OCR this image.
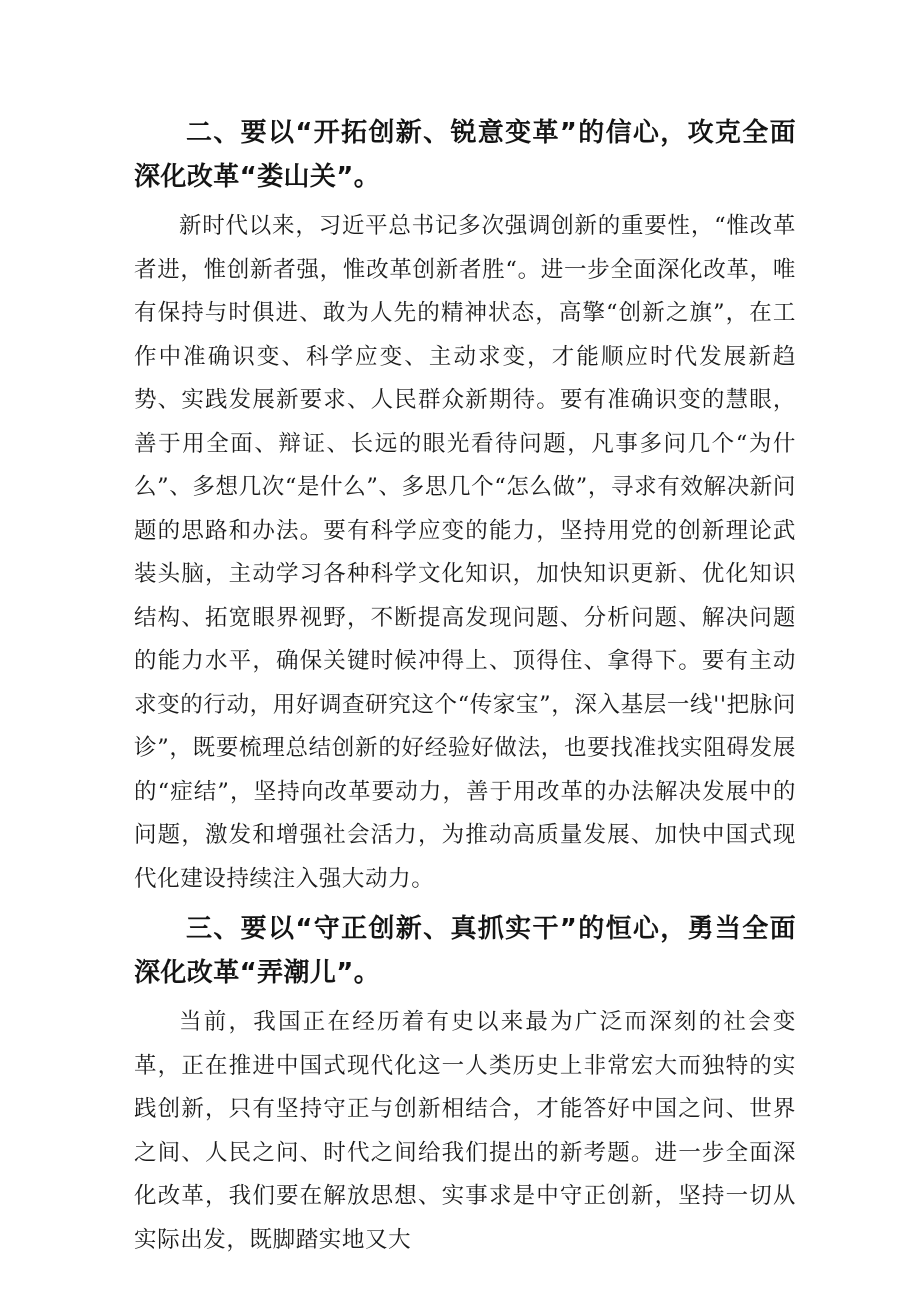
二、要以“开拓创新、锐意变革”的信心，攻克全面深化改革“娄山关”。

新时代以来，习近平总书记多次强调创新的重要性，“惟改革者进，惟创新者强，惟改革创新者胜“。进一步全面深化改革，唯有保持与时俱进、敢为人先的精神状态，高擎“创新之旗”，在工作中准确识变、科学应变、主动求变，才能顺应时代发展新趋势、实践发展新要求、人民群众新期待。要有准确识变的慧眼，善于用全面、辩证、长远的眼光看待问题，凡事多问几个“为什么”、多想几次“是什么”、多思几个“怎么做”，寻求有效解决新问题的思路和办法。要有科学应变的能力，坚持用党的创新理论武装头脑，主动学习各种科学文化知识，加快知识更新、优化知识结构、拓宽眼界视野，不断提高发现问题、分析问题、解决问题的能力水平，确保关键时候冲得上、顶得住、拿得下。要有主动求变的行动，用好调查研究这个“传家宝”，深入基层一线''把脉问诊”，既要梳理总结创新的好经验好做法，也要找准找实阻碍发展的“症结”，坚持向改革要动力，善于用改革的办法解决发展中的问题，激发和增强社会活力，为推动高质量发展、加快中国式现代化建设持续注入强大动力。

三、要以“守正创新、真抓实干”的恒心，勇当全面深化改革“弄潮儿”。

当前，我国正在经历着有史以来最为广泛而深刻的社会变革，正在推进中国式现代化这一人类历史上非常宏大而独特的实践创新，只有坚持守正与创新相结合，才能答好中国之问、世界之间、人民之问、时代之间给我们提出的新考题。进一步全面深化改革，我们要在解放思想、实事求是中守正创新，坚持一切从实际出发，既脚踏实地又大
